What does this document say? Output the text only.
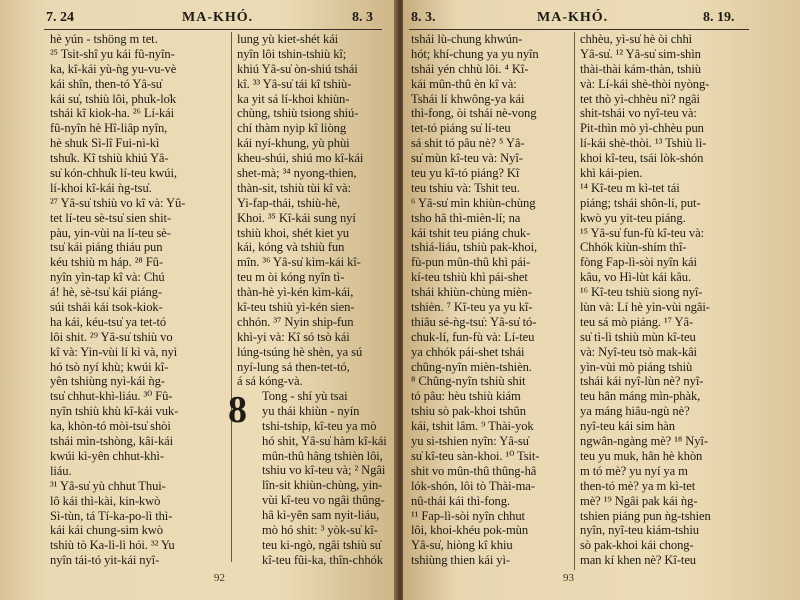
7. 24	MA-KHÓ.	8. 3
hè yún - tshöng m tet.
²⁵ Tsit-shî yu kái fû-nyîn-
ka, kî-kái yù-ǹg yu-vu-vè
kái shîn, then-tó Yâ-su̍
kái su̍, tshiù lôi, phu̍k-lo̍k
tshái kî kiok-ha. ²⁶ Lí-kái
fû-nyîn hè Hî-liâp nyîn,
hè shuk Sì-lî Fui-nì-kì
tshu̍k. Kî tshiù khiú Yâ-
su̍ kón-chhu̍k lí-teu kwúi,
lí-khoi kî-kái ǹg-tsu̍.
²⁷ Yâ-su̍ tshiù vo kî và: Yû-
tet lí-teu sè-tsu̍ sien shit-
pàu, yin-vùi na lí-teu sè-
tsu̍ kái piáng thiáu pun
kéu tshiù m háp. ²⁸ Fû-
nyîn yìn-tap kî và: Chú
á! hè, sè-tsu̍ kái piáng-
súi tshái kái tsok-kiok-
ha kái, kéu-tsu̍ ya tet-tó
lôi shit. ²⁹ Yâ-su̍ tshiù vo
kî và: Yin-vùi lí kì và, nyì
hó tsò nyí khù; kwúi kî-
yên tshiùng nyì-kái ǹg-
tsu̍ chhut-khì-liáu. ³⁰ Fû-
nyîn tshiù khù kî-kái vuk-
ka, khòn-tó mòi-tsu̍ shòi
tshái mìn-tshòng, kâi-kái
kwúi kì-yên chhut-khì-
liáu.
³¹ Yâ-su̍ yù chhut Thui-
lô kái thì-kài, kin-kwò
Sì-tùn, tá Tí-ka-po-lì thì-
kái kái chung-sim kwò
tshiù tò Ka-lì-lì hói. ³² Yu
nyîn tái-tó yit-kái nyî-
lung yù kiet-shét kái
nyîn lôi tshin-tshiù kî;
khiú Yâ-su̍ òn-shiú tshái
kî. ³³ Yâ-su̍ tái kî tshiù-
ka yit sá lí-khoi khiùn-
chùng, tshiù tsiong shiú-
chí thàm nyip kî liòng
kái nyí-khung, yù phùi
kheu-shúi, shiú mo kî-kái
shet-mà; ³⁴ nyong-thien,
thàn-sit, tshiù tùi kî và:
Yi-fap-thái, tshiù-hè,
Khoi. ³⁵ Kî-kái sung nyí
tshiù khoi, shét kiet yu
kái, kóng và tshiù fun
mîn. ³⁶ Yâ-su̍ kìm-kái kî-
teu m òi kóng nyîn tì-
thàn-hè yì-kén kìm-kái,
kî-teu tshiù yì-kén sien-
chhón. ³⁷ Nyin ship-fun
khì-yi và: Kî só tsò kái
lúng-tsúng hè shèn, ya sú
nyí-lung sá then-tet-tó,
á sá kóng-và.
8 Tong - shí yù tsai
yu thái khiùn - nyín
tshi-tship, kî-teu ya mò
hó shit, Yâ-su̍ hàm kî-kái
mûn-thû hâng tshièn lôi,
tshiu vo kî-teu và; ² Ngâi
lîn-sit khiùn-chùng, yin-
vùi kî-teu vo ngâi thûng-
hâ kì-yên sam nyit-liáu,
mò hó shit: ³ yòk-su̍ kî-
teu ki-ngò, ngâi tshiù su̍
kî-teu fûi-ka, thîn-chhók
92
8. 3.	MA-KHÓ.	8. 19.
tshái lù-chung khwún-
hót; khí-chung ya yu nyîn
tshái yén chhù lôi. ⁴ Kî-
kái mûn-thû èn kî và:
Tshái lí khwông-ya kái
thì-fong, òi tshái nè-vong
tet-tó piáng su̍ lí-teu
sá shit tó pâu nè? ⁵ Yâ-
su̍ mùn kî-teu và: Nyî-
teu yu kî-tó piáng? Kî
teu tshiu và: Tshit teu.
⁶ Yâ-su̍ mìn khiùn-chùng
tsho hâ thì-mièn-lí; na
kái tshit teu piáng chuk-
tshiá-liáu, tshiù pak-khoi,
fù-pun mûn-thû khì pái-
kí-teu tshiù khì pái-shet
tshái khiùn-chùng mièn-
tshièn. ⁷ Kî-teu ya yu kî-
thiâu sé-ǹg-tsu̍: Yâ-su̍ tó-
chuk-lí, fun-fù và: Lí-teu
ya chhók pái-shet tshái
chûng-nyîn mièn-tshièn.
⁸ Chûng-nyîn tshiù shit
tó pâu: hèu tshiù kiám
tshiu sò pak-khoi tshûn
kái, tshit lâm. ⁹ Thài-yok
yu si-tshien nyîn: Yâ-su̍
su̍ kî-teu sàn-khoi. ¹⁰ Tsit-
shit vo mûn-thû thûng-hâ
lók-shón, lôi tò Thài-ma-
nû-thái kái thì-fong.
¹¹ Fap-lì-sòi nyîn chhut
lôi, khoi-khéu pok-mùn
Yâ-su̍, hiòng kî khiu
tshiùng thien kái yì-
chhèu, yì-su̍ hè òi chhì
Yâ-su̍. ¹² Yâ-su̍ sim-shìn
thài-thài kám-thàn, tshiù
và: Lí-kái shè-thòi nyòng-
tet thò yì-chhèu nì? ngâi
shit-tshái vo nyî-teu và:
Pit-thìn mò yì-chhèu pun
lí-kái shè-thòi. ¹³ Tshiù lì-
khoi kî-teu, tsái lòk-shón
khì kái-pien.
¹⁴ Kî-teu m kì-tet tái
piáng; tshái shôn-lí, put-
kwò yu yit-teu piáng.
¹⁵ Yâ-su̍ fun-fù kî-teu và:
Chhók kiùn-shím thî-
fòng Fap-lì-sòi nyîn kái
kâu, vo Hì-lùt kái kâu.
¹⁶ Kî-teu tshiù siong nyî-
lùn và: Lí hè yìn-vùi ngâi-
teu sá mò piáng. ¹⁷ Yâ-
su̍ tì-lì tshiù mùn kî-teu
và: Nyî-teu tsò mak-kâi
yìn-vùi mò piáng tshiù
tshái kái nyî-lùn nè? nyî-
teu hân máng mìn-phàk,
ya máng hiâu-ngù nè?
nyî-teu kái sim hàn
ngwân-ngàng mè? ¹⁸ Nyî-
teu yu muk, hân hè khòn
m tó mè? yu nyí ya m
then-tó mè? ya m kì-tet
mè? ¹⁹ Ngâi pak kái ǹg-
tshien piáng pun ǹg-tshien
nyîn, nyî-teu kiám-tshiu
sò pak-khoi kái chong-
man kí khen nè? Kî-teu
93
